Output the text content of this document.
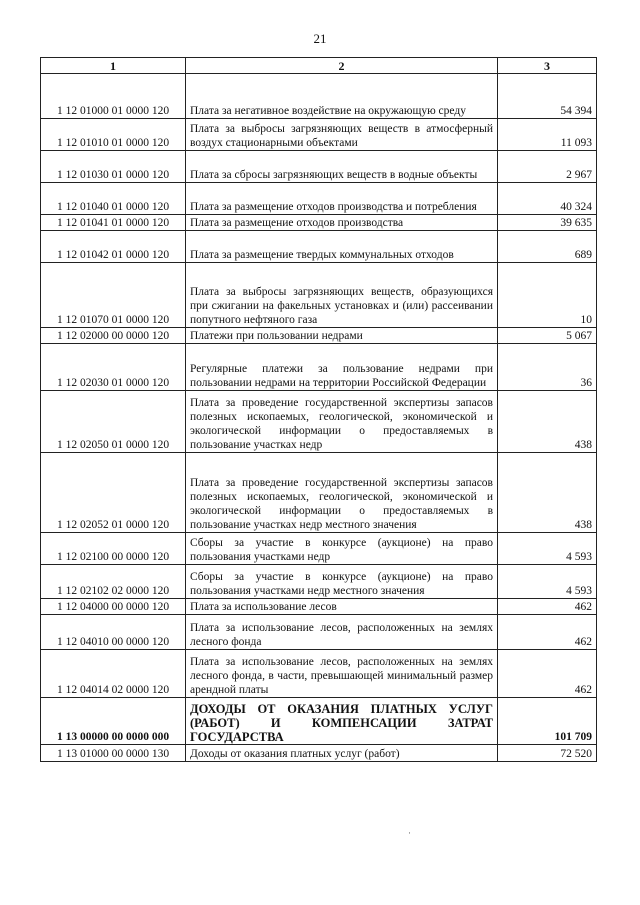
21
1	2	3
1 12 01000 01 0000 120	Плата за негативное воздействие на окружающую среду	54 394
1 12 01010 01 0000 120	Плата за выбросы загрязняющих веществ в атмосферный воздух стационарными объектами	11 093
1 12 01030 01 0000 120	Плата за сбросы загрязняющих веществ в водные объекты	2 967
1 12 01040 01 0000 120	Плата за размещение отходов производства и потребления	40 324
1 12 01041 01 0000 120	Плата за размещение отходов производства	39 635
1 12 01042 01 0000 120	Плата за размещение твердых коммунальных отходов	689
1 12 01070 01 0000 120	Плата за выбросы загрязняющих веществ, образующихся при сжигании на факельных установках и (или) рассеивании попутного нефтяного газа	10
1 12 02000 00 0000 120	Платежи при пользовании недрами	5 067
1 12 02030 01 0000 120	Регулярные платежи за пользование недрами при пользовании недрами на территории Российской Федерации	36
1 12 02050 01 0000 120	Плата за проведение государственной экспертизы запасов полезных ископаемых, геологической, экономической и экологической информации о предоставляемых в пользование участках недр	438
1 12 02052 01 0000 120	Плата за проведение государственной экспертизы запасов полезных ископаемых, геологической, экономической и экологической информации о предоставляемых в пользование участках недр местного значения	438
1 12 02100 00 0000 120	Сборы за участие в конкурсе (аукционе) на право пользования участками недр	4 593
1 12 02102 02 0000 120	Сборы за участие в конкурсе (аукционе) на право пользования участками недр местного значения	4 593
1 12 04000 00 0000 120	Плата за использование лесов	462
1 12 04010 00 0000 120	Плата за использование лесов, расположенных на землях лесного фонда	462
1 12 04014 02 0000 120	Плата за использование лесов, расположенных на землях лесного фонда, в части, превышающей минимальный размер арендной платы	462
1 13 00000 00 0000 000	ДОХОДЫ ОТ ОКАЗАНИЯ ПЛАТНЫХ УСЛУГ (РАБОТ) И КОМПЕНСАЦИИ ЗАТРАТ ГОСУДАРСТВА	101 709
1 13 01000 00 0000 130	Доходы от оказания платных услуг (работ)	72 520
·
